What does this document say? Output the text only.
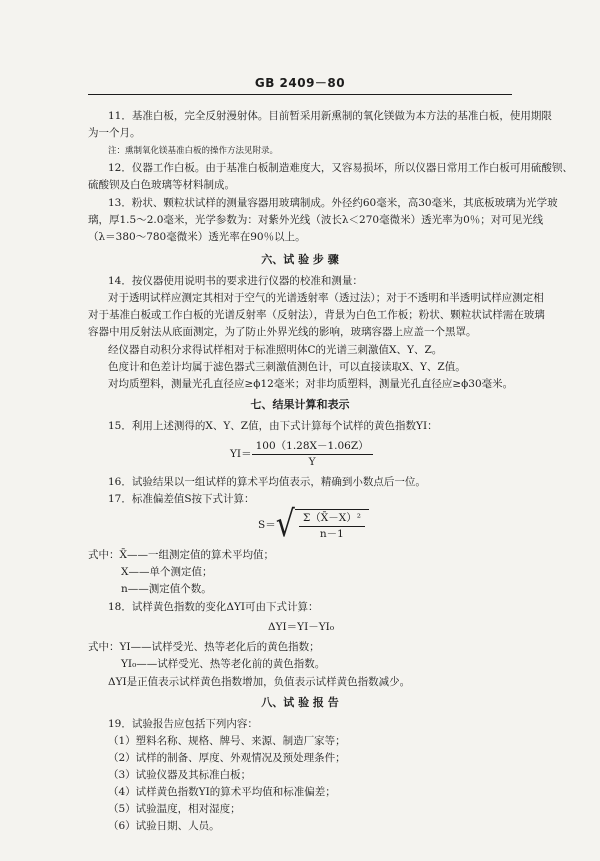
GB 2409－80
11．基准白板，完全反射漫射体。目前暂采用新熏制的氧化镁做为本方法的基准白板，使用期限
为一个月。
注：熏制氧化镁基准白板的操作方法见附录。
12．仪器工作白板。由于基准白板制造难度大，又容易损坏，所以仪器日常用工作白板可用硫酸钡、
硫酸钡及白色玻璃等材料制成。
13．粉状、颗粒状试样的测量容器用玻璃制成。外径约60毫米，高30毫米，其底板玻璃为光学玻
璃，厚1.5～2.0毫米，光学参数为：对紫外光线（波长λ＜270毫微米）透光率为0％；对可见光线
（λ＝380～780毫微米）透光率在90％以上。
六、试 验 步 骤
14．按仪器使用说明书的要求进行仪器的校准和测量：
对于透明试样应测定其相对于空气的光谱透射率（透过法）；对于不透明和半透明试样应测定相
对于基准白板或工作白板的光谱反射率（反射法），背景为白色工作板；粉状、颗粒状试样需在玻璃
容器中用反射法从底面测定，为了防止外界光线的影响，玻璃容器上应盖一个黑罩。
经仪器自动积分求得试样相对于标准照明体C的光谱三刺激值X、Y、Z。
色度计和色差计均属于滤色器式三刺激值测色计，可以直接读取X、Y、Z值。
对均质塑料，测量光孔直径应≥ϕ12毫米；对非均质塑料，测量光孔直径应≥ϕ30毫米。
七、结果计算和表示
15．利用上述测得的X、Y、Z值，由下式计算每个试样的黄色指数YI：
$YI= \frac{100(1.28X-1.06Z)}{Y}$
16．试验结果以一组试样的算术平均值表示，精确到小数点后一位。
17．标准偏差值S按下式计算：
S＝ √ $\frac{\text{Σ（X̄－X）²}}{n-1}$
式中：X̄——一组测定值的算术平均值；
X——单个测定值；
n——测定值个数。
18．试样黄色指数的变化ΔYI可由下式计算：
ΔYI＝YI－YI₀
式中：YI——试样受光、热等老化后的黄色指数；
YI₀——试样受光、热等老化前的黄色指数。
ΔYI是正值表示试样黄色指数增加，负值表示试样黄色指数减少。
八、试 验 报 告
19．试验报告应包括下列内容：
（1）塑料名称、规格、牌号、来源、制造厂家等；
（2）试样的制备、厚度、外观情况及预处理条件；
（3）试验仪器及其标准白板；
（4）试样黄色指数YI的算术平均值和标准偏差；
（5）试验温度，相对湿度；
（6）试验日期、人员。
